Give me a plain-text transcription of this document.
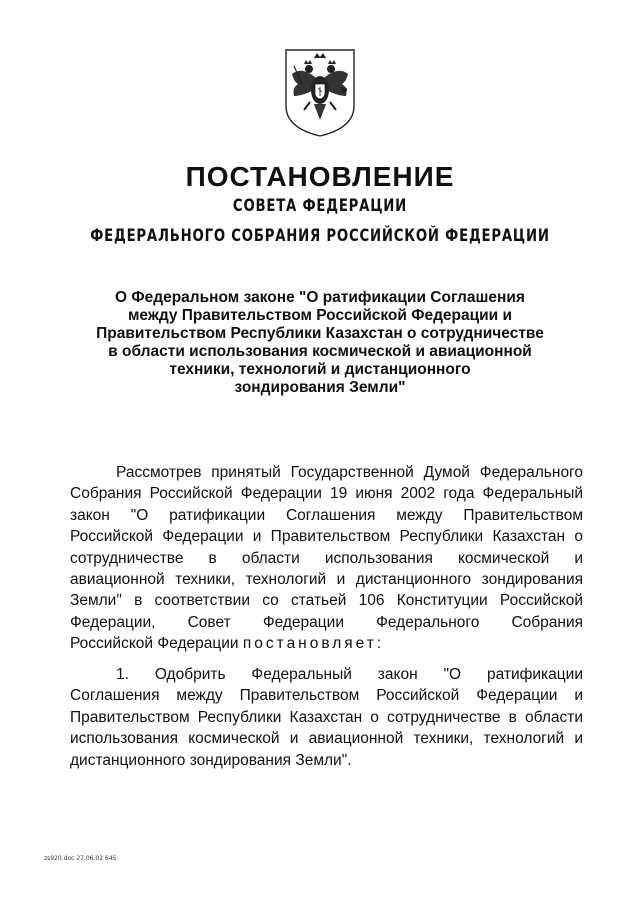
ПОСТАНОВЛЕНИЕ

СОВЕТА ФЕДЕРАЦИИ

ФЕДЕРАЛЬНОГО СОБРАНИЯ РОССИЙСКОЙ ФЕДЕРАЦИИ

О Федеральном законе "О ратификации Соглашения
между Правительством Российской Федерации и
Правительством Республики Казахстан о сотрудничестве
в области использования космической и авиационной
техники, технологий и дистанционного
зондирования Земли"

Рассмотрев принятый Государственной Думой Федерального
Собрания Российской Федерации 19 июня 2002 года Федеральный
закон "О ратификации Соглашения между Правительством
Российской Федерации и Правительством Республики Казахстан о
сотрудничестве в области использования космической и
авиационной техники, технологий и дистанционного зондирования
Земли" в соответствии со статьей 106 Конституции Российской
Федерации, Совет Федерации Федерального Собрания
Российской Федерации постановляет:

1. Одобрить Федеральный закон "О ратификации
Соглашения между Правительством Российской Федерации и
Правительством Республики Казахстан о сотрудничестве в области
использования космической и авиационной техники, технологий и
дистанционного зондирования Земли".

zs920.doc 27.06.02 645
